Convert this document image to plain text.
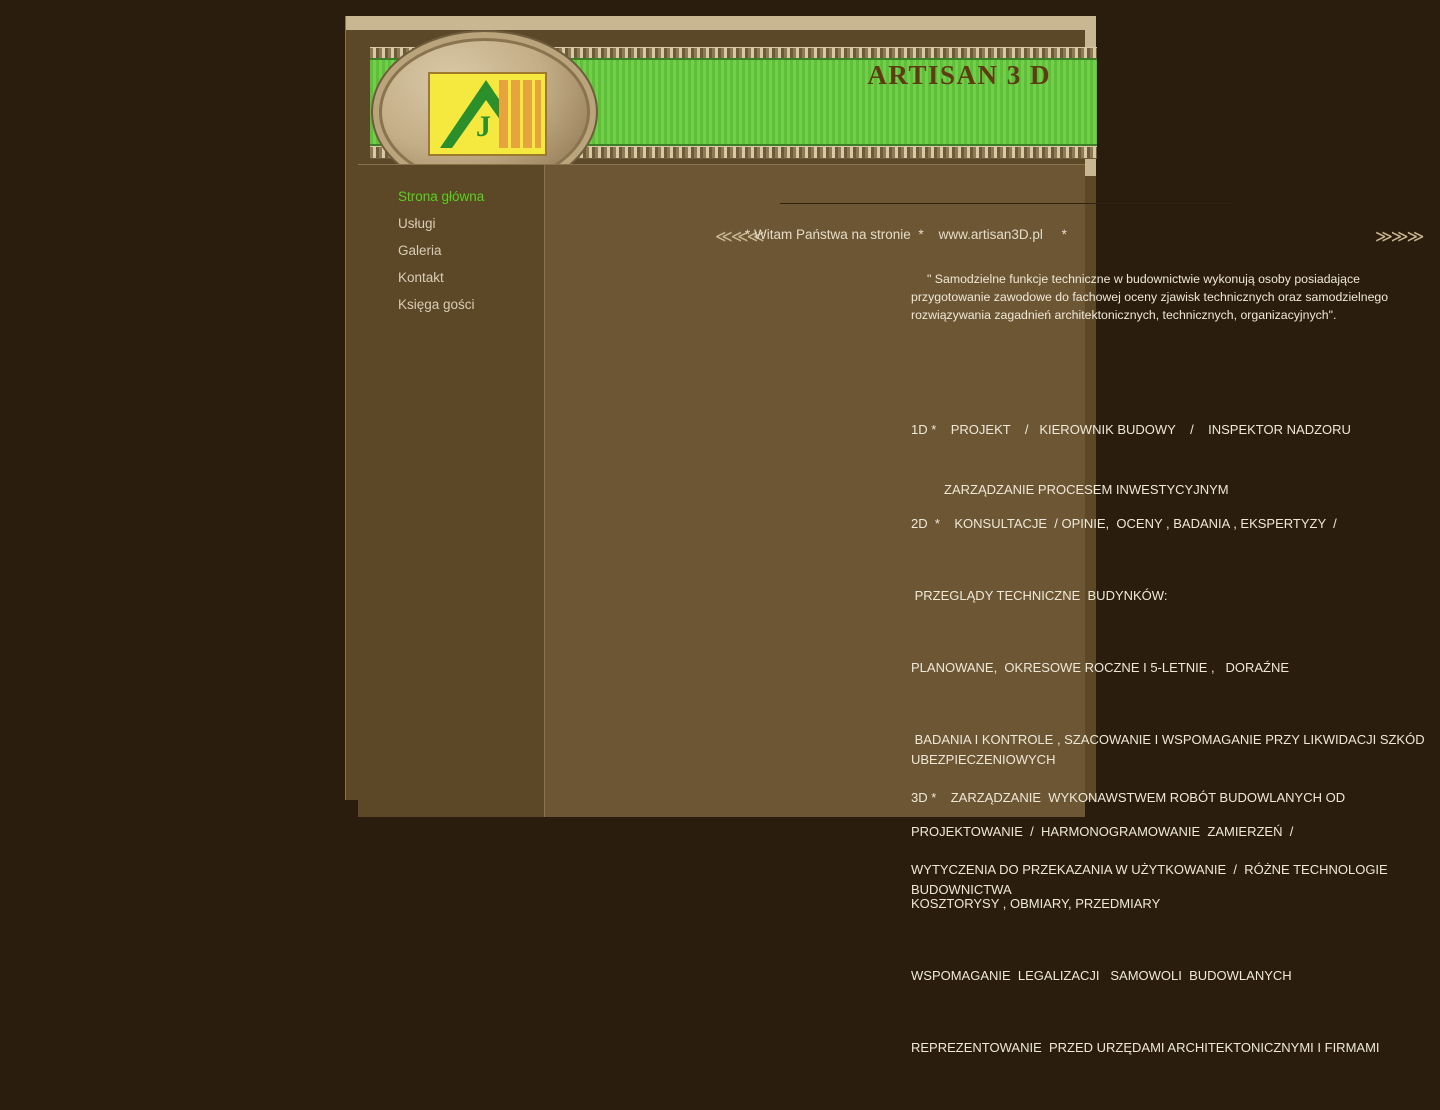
ARTISAN 3 D
J
Strona główna
Usługi
Galeria
Kontakt
Księga gości
≪≪≪
* Witam Państwa na stronie  *    www.artisan3D.pl     *	≫≫≫
" Samodzielne funkcje techniczne w budownictwie wykonują osoby posiadające
przygotowanie zawodowe do fachowej oceny zjawisk technicznych oraz samodzielnego
rozwiązywania zagadnień architektonicznych, technicznych, organizacyjnych".

1D *    PROJEKT    /   KIEROWNIK BUDOWY    /    INSPEKTOR NADZORU

ZARZĄDZANIE PROCESEM INWESTYCYJNYM

2D  *    KONSULTACJE  / OPINIE,  OCENY , BADANIA , EKSPERTYZY  /

PRZEGLĄDY TECHNICZNE  BUDYNKÓW:

PLANOWANE,  OKRESOWE ROCZNE I 5-LETNIE ,   DORAŹNE

BADANIA I KONTROLE , SZACOWANIE I WSPOMAGANIE PRZY LIKWIDACJI SZKÓD UBEZPIECZENIOWYCH

PROJEKTOWANIE  /  HARMONOGRAMOWANIE  ZAMIERZEŃ  /

KOSZTORYSY , OBMIARY, PRZEDMIARY

WSPOMAGANIE  LEGALIZACJI   SAMOWOLI  BUDOWLANYCH

REPREZENTOWANIE  PRZED URZĘDAMI ARCHITEKTONICZNYMI I FIRMAMI

3D *    ZARZĄDZANIE  WYKONAWSTWEM ROBÓT BUDOWLANYCH OD

WYTYCZENIA DO PRZEKAZANIA W UŻYTKOWANIE  /  RÓŻNE TECHNOLOGIE BUDOWNICTWA
